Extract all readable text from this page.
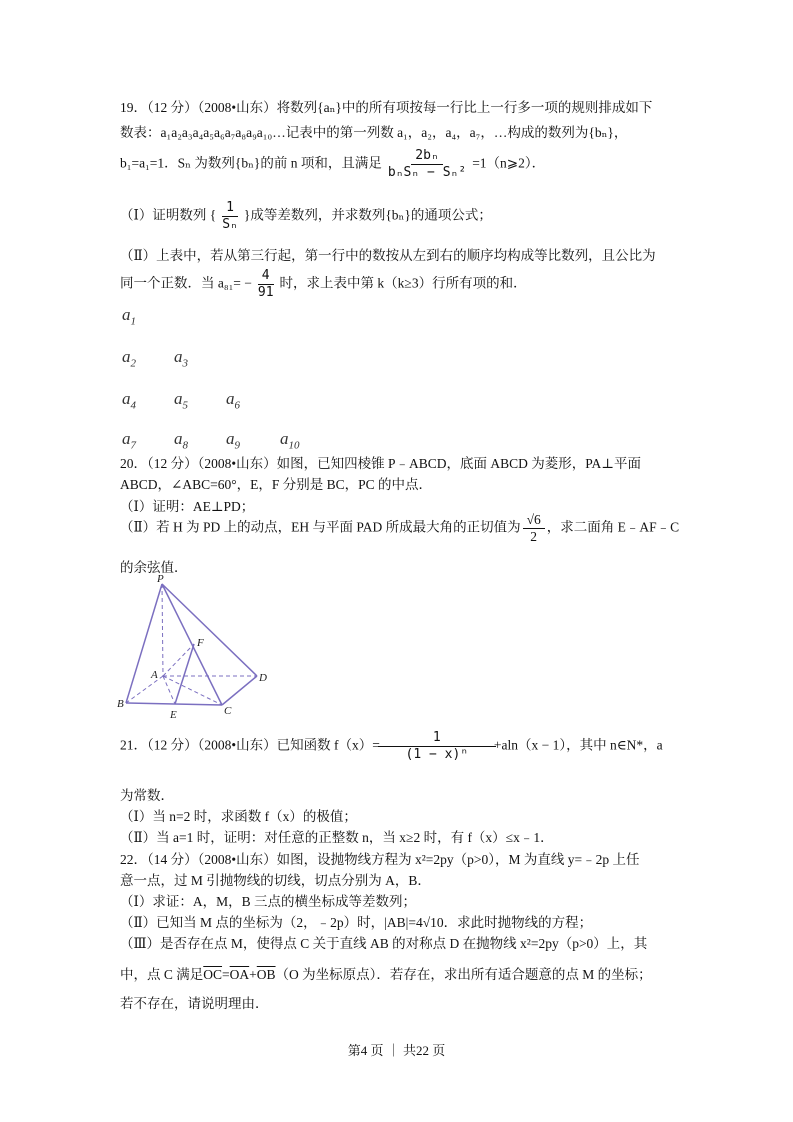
19．（12 分）（2008•山东）将数列{aₙ}中的所有项按每一行比上一行多一项的规则排成如下
数表：a₁a₂a₃a₄a₅a₆a₇a₈a₉a₁₀…记表中的第一列数 a₁，a₂，a₄，a₇，…构成的数列为{bₙ}，
b₁=a₁=1．Sₙ 为数列{bₙ}的前 n 项和，且满足 $\frac{\text{2bₙ}}{\text{bₙSₙ − Sₙ²}}$ =1（n⩾2）．
（Ⅰ）证明数列 { $\frac{1}{\text{Sₙ}}$ }成等差数列，并求数列{bₙ}的通项公式；
（Ⅱ）上表中，若从第三行起，第一行中的数按从左到右的顺序均构成等比数列，且公比为
同一个正数．当 $a_{81}= - \frac{4}{91}$ 时，求上表中第 k（k≥3）行所有项的和．
$a_1$
$a_2$ $a_3$
$a_4$ $a_5$ $a_6$
$a_7$ $a_8$ $a_9$ $a_{10}$
20．（12 分）（2008•山东）如图，已知四棱锥 P﹣ABCD，底面 ABCD 为菱形，PA⊥平面
ABCD，∠ABC=60°，E，F 分别是 BC，PC 的中点．
（Ⅰ）证明：AE⊥PD；
（Ⅱ）若 H 为 PD 上的动点，EH 与平面 PAD 所成最大角的正切值为 $\frac{√6}{2}$ ，求二面角 E﹣AF﹣C
的余弦值．
P
A
B
E	C
D
F
21．（12 分）（2008•山东）已知函数 $f(x)= \frac{1}{\text{(1 − x)ⁿ}} +aln(x - 1)$，其中 n∈N*，a
为常数．
（Ⅰ）当 n=2 时，求函数 f（x）的极值；
（Ⅱ）当 a=1 时，证明：对任意的正整数 n，当 x≥2 时，有 f（x）≤x﹣1．
22．（14 分）（2008•山东）如图，设抛物线方程为 x²=2py（p>0），M 为直线 y=﹣2p 上任
意一点，过 M 引抛物线的切线，切点分别为 A，B．
（Ⅰ）求证：A，M，B 三点的横坐标成等差数列；
（Ⅱ）已知当 M 点的坐标为（2，﹣2p）时，|AB|=4√10．求此时抛物线的方程；
（Ⅲ）是否存在点 M，使得点 C 关于直线 AB 的对称点 D 在抛物线 x²=2py（p>0）上，其
中，点 C 满足$\overline{OC}=\overline{OA}+\overline{OB}(O$ 为坐标原点）．若存在，求出所有适合题意的点 M 的坐标；
若不存在，请说明理由．
第4 页 ｜ 共22 页
